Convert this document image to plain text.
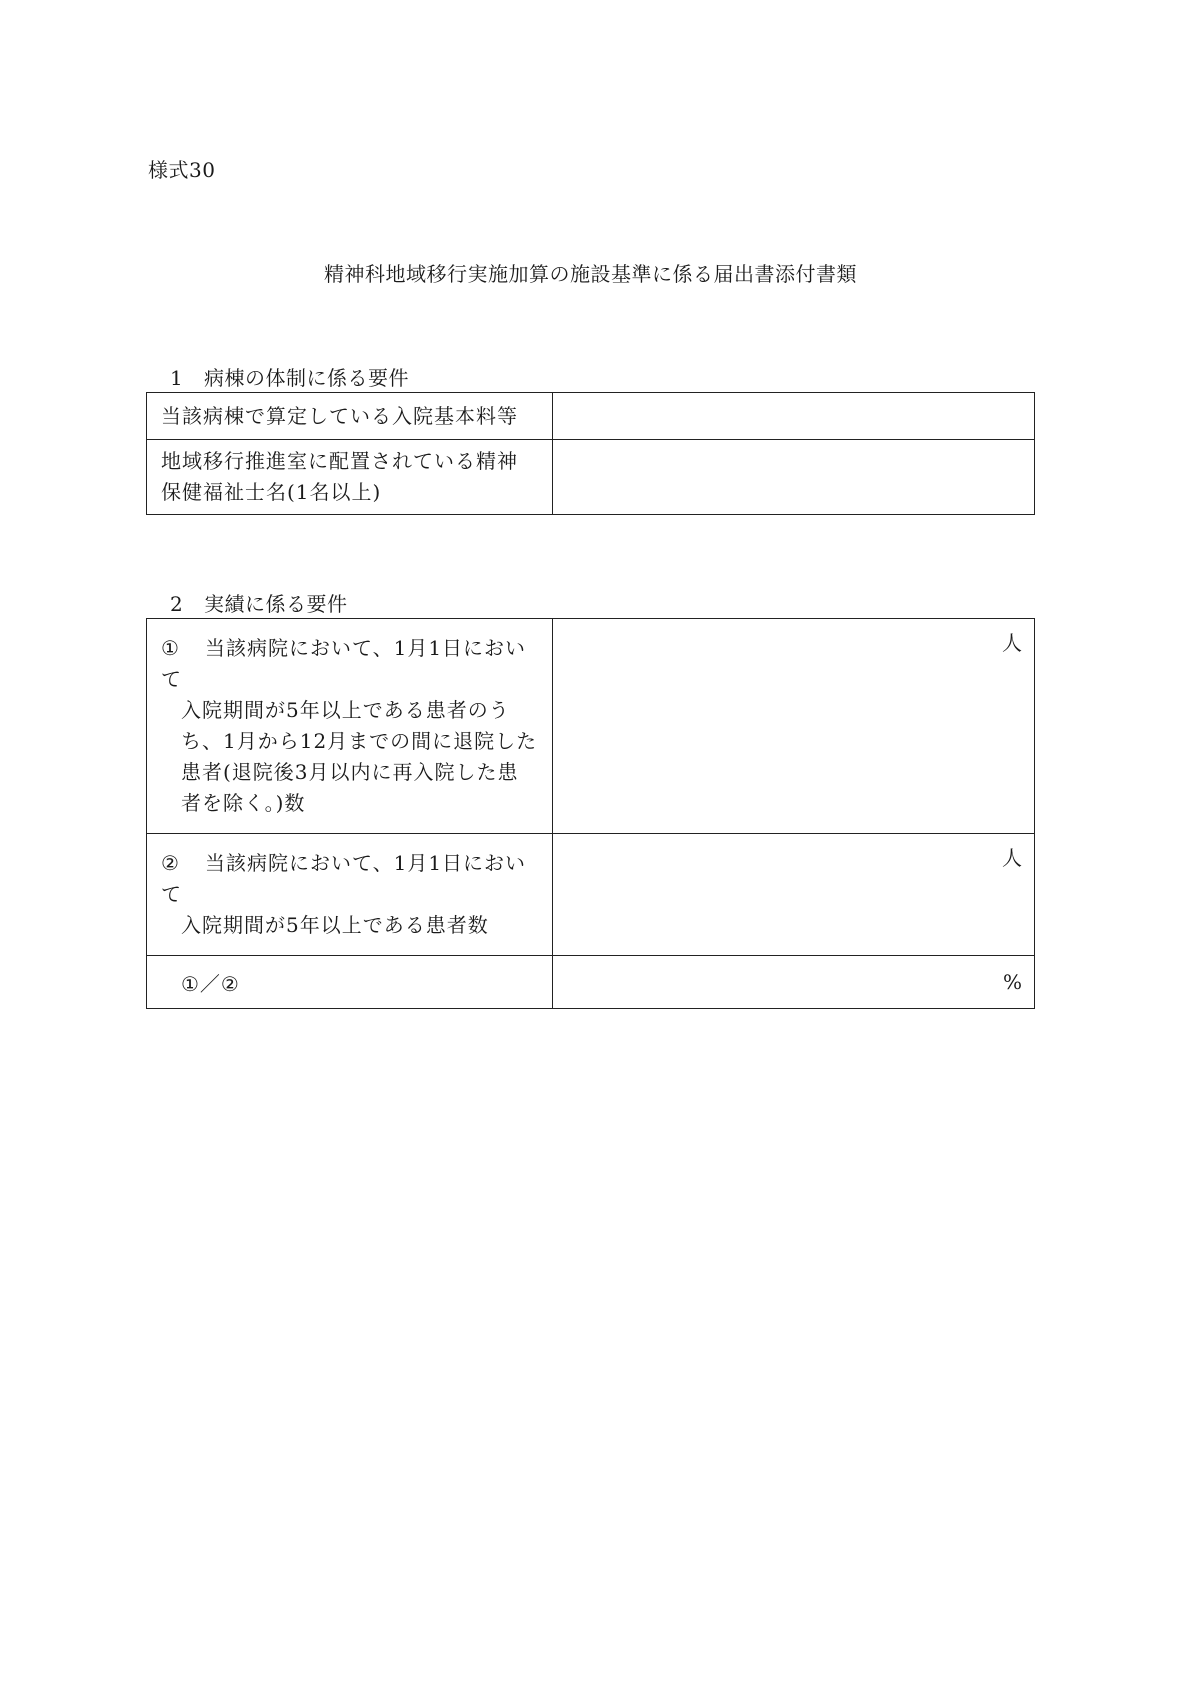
様式30
精神科地域移行実施加算の施設基準に係る届出書添付書類
1 病棟の体制に係る要件
当該病棟で算定している入院基本料等	

地域移行推進室に配置されている精神
保健福祉士名(1名以上)	

2 実績に係る要件
① 当該病院において、1月1日において
入院期間が5年以上である患者のう
ち、1月から12月までの間に退院した
患者(退院後3月以内に再入院した患
者を除く。)数	人

② 当該病院において、1月1日において
入院期間が5年以上である患者数	人

①／②	%
